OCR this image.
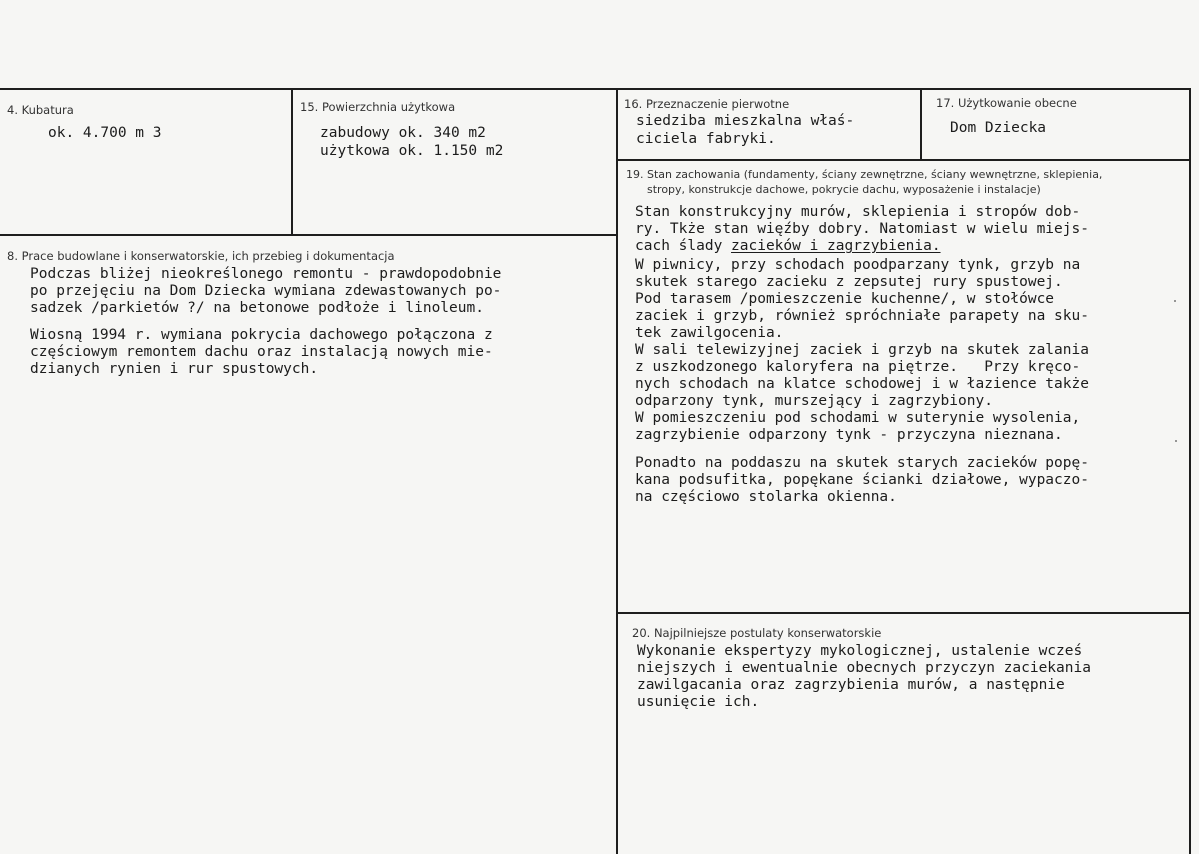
4. Kubatura
ok. 4.700 m 3
15. Powierzchnia użytkowa
zabudowy ok. 340 m2
użytkowa ok. 1.150 m2
16. Przeznaczenie pierwotne
siedziba mieszkalna właś-
ciciela fabryki.
17. Użytkowanie obecne
Dom Dziecka
8. Prace budowlane i konserwatorskie, ich przebieg i dokumentacja
Podczas bliżej nieokreślonego remontu - prawdopodobnie
po przejęciu na Dom Dziecka wymiana zdewastowanych po-
sadzek /parkietów ?/ na betonowe podłoże i linoleum.
Wiosną 1994 r. wymiana pokrycia dachowego połączona z
częściowym remontem dachu oraz instalacją nowych mie-
dzianych rynien i rur spustowych.
19. Stan zachowania (fundamenty, ściany zewnętrzne, ściany wewnętrzne, sklepienia,
stropy, konstrukcje dachowe, pokrycie dachu, wyposażenie i instalacje)
Stan konstrukcyjny murów, sklepienia i stropów dob-
ry. Tkże stan więźby dobry. Natomiast w wielu miejs-
cach ślady zacieków i zagrzybienia.
W piwnicy, przy schodach poodparzany tynk, grzyb na
skutek starego zacieku z zepsutej rury spustowej.
Pod tarasem /pomieszczenie kuchenne/, w stołówce
zaciek i grzyb, również spróchniałe parapety na sku-
tek zawilgocenia.
W sali telewizyjnej zaciek i grzyb na skutek zalania
z uszkodzonego kaloryfera na piętrze.   Przy kręco-
nych schodach na klatce schodowej i w łazience także
odparzony tynk, murszejący i zagrzybiony.
W pomieszczeniu pod schodami w suterynie wysolenia,
zagrzybienie odparzony tynk - przyczyna nieznana.
Ponadto na poddaszu na skutek starych zacieków popę-
kana podsufitka, popękane ścianki działowe, wypaczo-
na częściowo stolarka okienna.
20. Najpilniejsze postulaty konserwatorskie
Wykonanie ekspertyzy mykologicznej, ustalenie wcześ
niejszych i ewentualnie obecnych przyczyn zaciekania
zawilgacania oraz zagrzybienia murów, a następnie
usunięcie ich.
